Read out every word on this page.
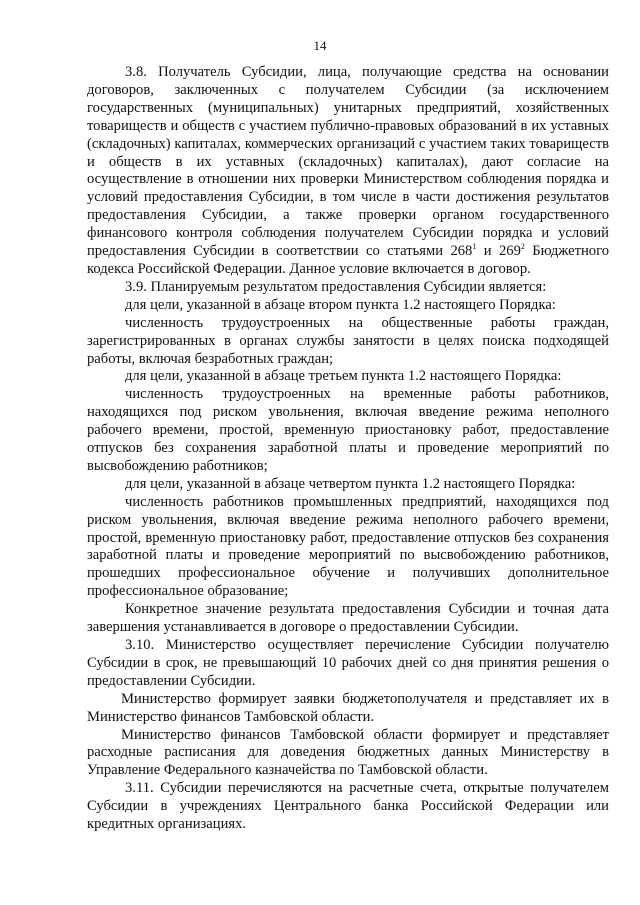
14

3.8. Получатель Субсидии, лица, получающие средства на основании договоров, заключенных с получателем Субсидии (за исключением государственных (муниципальных) унитарных предприятий, хозяйственных товариществ и обществ с участием публично-правовых образований в их уставных (складочных) капиталах, коммерческих организаций с участием таких товариществ и обществ в их уставных (складочных) капиталах), дают согласие на осуществление в отношении них проверки Министерством соблюдения порядка и условий предоставления Субсидии, в том числе в части достижения результатов предоставления Субсидии, а также проверки органом государственного финансового контроля соблюдения получателем Субсидии порядка и условий предоставления Субсидии в соответствии со статьями $268^1$ и $269^2$ Бюджетного кодекса Российской Федерации. Данное условие включается в договор.

3.9. Планируемым результатом предоставления Субсидии является:

для цели, указанной в абзаце втором пункта 1.2 настоящего Порядка:

численность трудоустроенных на общественные работы граждан, зарегистрированных в органах службы занятости в целях поиска подходящей работы, включая безработных граждан;

для цели, указанной в абзаце третьем пункта 1.2 настоящего Порядка:

численность трудоустроенных на временные работы работников, находящихся под риском увольнения, включая введение режима неполного рабочего времени, простой, временную приостановку работ, предоставление отпусков без сохранения заработной платы и проведение мероприятий по высвобождению работников;

для цели, указанной в абзаце четвертом пункта 1.2 настоящего Порядка:

численность работников промышленных предприятий, находящихся под риском увольнения, включая введение режима неполного рабочего времени, простой, временную приостановку работ, предоставление отпусков без сохранения заработной платы и проведение мероприятий по высвобождению работников, прошедших профессиональное обучение и получивших дополнительное профессиональное образование;

Конкретное значение результата предоставления Субсидии и точная дата завершения устанавливается в договоре о предоставлении Субсидии.

3.10. Министерство осуществляет перечисление Субсидии получателю Субсидии в срок, не превышающий 10 рабочих дней со дня принятия решения о предоставлении Субсидии.

Министерство формирует заявки бюджетополучателя и представляет их в Министерство финансов Тамбовской области.

Министерство финансов Тамбовской области формирует и представляет расходные расписания для доведения бюджетных данных Министерству в Управление Федерального казначейства по Тамбовской области.

3.11. Субсидии перечисляются на расчетные счета, открытые получателем Субсидии в учреждениях Центрального банка Российской Федерации или кредитных организациях.
